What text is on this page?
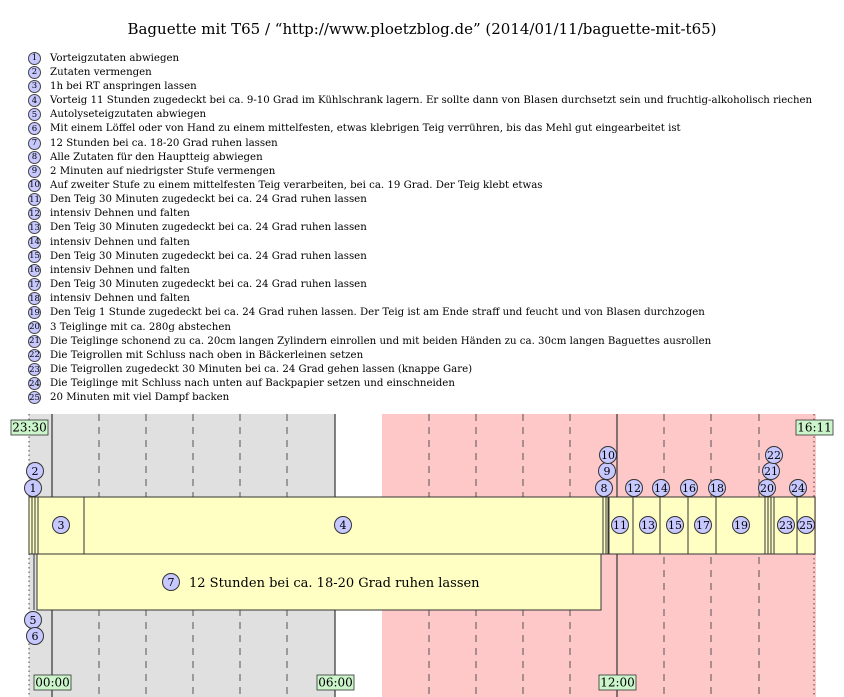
Baguette mit T65 / “http://www.ploetzblog.de” (2014/01/11/baguette-mit-t65)
1	Vorteigzutaten abwiegen
2	Zutaten vermengen
3	1h bei RT anspringen lassen
4	Vorteig 11 Stunden zugedeckt bei ca. 9-10 Grad im Kühlschrank lagern. Er sollte dann von Blasen durchsetzt sein und fruchtig-alkoholisch riechen
5	Autolyseteigzutaten abwiegen
6	Mit einem Löffel oder von Hand zu einem mittelfesten, etwas klebrigen Teig verrühren, bis das Mehl gut eingearbeitet ist
7	12 Stunden bei ca. 18-20 Grad ruhen lassen
8	Alle Zutaten für den Hauptteig abwiegen
9	2 Minuten auf niedrigster Stufe vermengen
10 Auf zweiter Stufe zu einem mittelfesten Teig verarbeiten, bei ca. 19 Grad. Der Teig klebt etwas
11 Den Teig 30 Minuten zugedeckt bei ca. 24 Grad ruhen lassen
12 intensiv Dehnen und falten
13 Den Teig 30 Minuten zugedeckt bei ca. 24 Grad ruhen lassen
14 intensiv Dehnen und falten
15 Den Teig 30 Minuten zugedeckt bei ca. 24 Grad ruhen lassen
16 intensiv Dehnen und falten
17 Den Teig 30 Minuten zugedeckt bei ca. 24 Grad ruhen lassen
18 intensiv Dehnen und falten
19 Den Teig 1 Stunde zugedeckt bei ca. 24 Grad ruhen lassen. Der Teig ist am Ende straff und feucht und von Blasen durchzogen
20 3 Teiglinge mit ca. 280g abstechen
21 Die Teiglinge schonend zu ca. 20cm langen Zylindern einrollen und mit beiden Händen zu ca. 30cm langen Baguettes ausrollen
22 Die Teigrollen mit Schluss nach oben in Bäckerleinen setzen
23 Die Teigrollen zugedeckt 30 Minuten bei ca. 24 Grad gehen lassen (knappe Gare)
24 Die Teiglinge mit Schluss nach unten auf Backpapier setzen und einschneiden
25 20 Minuten mit viel Dampf backen
1
2
3	4
5
6
8
9
10
11
12
13
14
15
16
17
18
19
20
21
22
23
24
25
7 12 Stunden bei ca. 18-20 Grad ruhen lassen
23:30	16:11
00:00	06:00	12:00
